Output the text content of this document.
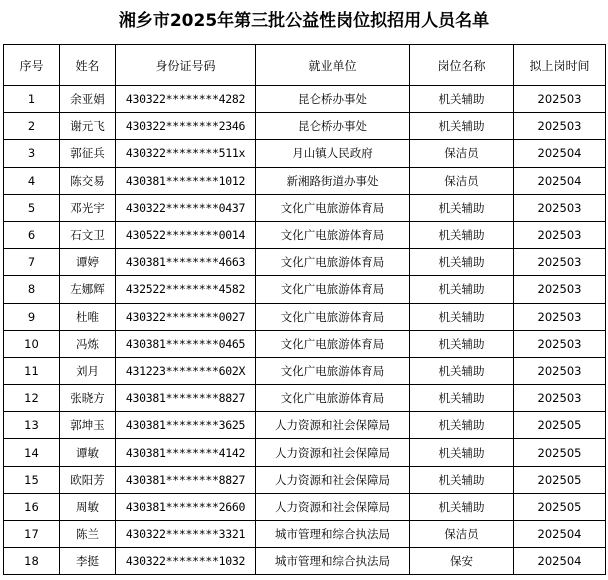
湘乡市2025年第三批公益性岗位拟招用人员名单
序号	姓名	身份证号码	就业单位	岗位名称	拟上岗时间
1	余亚娟	430322********4282	昆仑桥办事处	机关辅助	202503
2	谢元飞	430322********2346	昆仑桥办事处	机关辅助	202503
3	郭征兵	430322********511x	月山镇人民政府	保洁员	202504
4	陈交易	430381********1012	新湘路街道办事处	保洁员	202504
5	邓光宇	430322********0437	文化广电旅游体育局	机关辅助	202503
6	石文卫	430522********0014	文化广电旅游体育局	机关辅助	202503
7	谭婷	430381********4663	文化广电旅游体育局	机关辅助	202503
8	左娜辉	432522********4582	文化广电旅游体育局	机关辅助	202503
9	杜唯	430322********0027	文化广电旅游体育局	机关辅助	202503
10	冯炼	430381********0465	文化广电旅游体育局	机关辅助	202503
11	刘月	431223********602X	文化广电旅游体育局	机关辅助	202503
12	张晓方	430381********8827	文化广电旅游体育局	机关辅助	202503
13	郭坤玉	430381********3625	人力资源和社会保障局	机关辅助	202505
14	谭敏	430381********4142	人力资源和社会保障局	机关辅助	202505
15	欧阳芳	430381********8827	人力资源和社会保障局	机关辅助	202505
16	周敏	430381********2660	人力资源和社会保障局	机关辅助	202505
17	陈兰	430322********3321	城市管理和综合执法局	保洁员	202504
18	李挺	430322********1032	城市管理和综合执法局	保安	202504
